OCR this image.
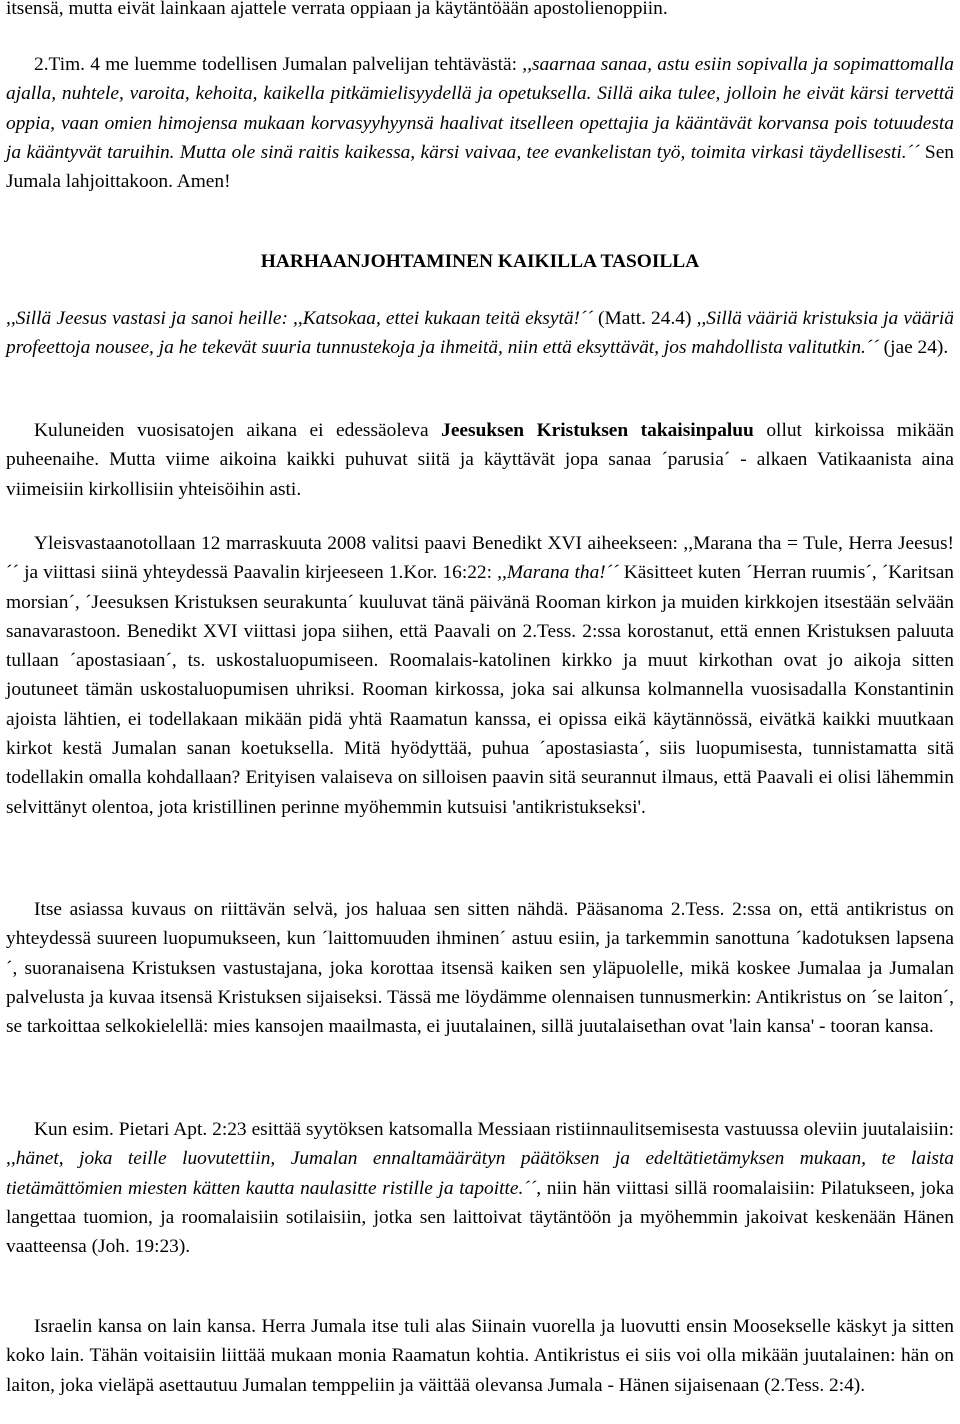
itsensä, mutta eivät lainkaan ajattele verrata oppiaan ja käytäntöään apostolienoppiin.

2.Tim. 4 me luemme todellisen Jumalan palvelijan tehtävästä: ,,saarnaa sanaa, astu esiin sopivalla ja sopimattomalla ajalla, nuhtele, varoita, kehoita, kaikella pitkämielisyydellä ja opetuksella. Sillä aika tulee, jolloin he eivät kärsi tervettä oppia, vaan omien himojensa mukaan korvasyyhyynsä haalivat itselleen opettajia ja kääntävät korvansa pois totuudesta ja kääntyvät taruihin. Mutta ole sinä raitis kaikessa, kärsi vaivaa, tee evankelistan työ, toimita virkasi täydellisesti.´´ Sen Jumala lahjoittakoon. Amen!

HARHAANJOHTAMINEN KAIKILLA TASOILLA

,,Sillä Jeesus vastasi ja sanoi heille: ,,Katsokaa, ettei kukaan teitä eksytä!´´ (Matt. 24.4) ,,Sillä vääriä kristuksia ja vääriä profeettoja nousee, ja he tekevät suuria tunnustekoja ja ihmeitä, niin että eksyttävät, jos mahdollista valitutkin.´´ (jae 24).

Kuluneiden vuosisatojen aikana ei edessäoleva Jeesuksen Kristuksen takaisinpaluu ollut kirkoissa mikään puheenaihe. Mutta viime aikoina kaikki puhuvat siitä ja käyttävät jopa sanaa ´parusia´ - alkaen Vatikaanista aina viimeisiin kirkollisiin yhteisöihin asti.

Yleisvastaanotollaan 12 marraskuuta 2008 valitsi paavi Benedikt XVI aiheekseen: ,,Marana tha = Tule, Herra Jeesus!´´ ja viittasi siinä yhteydessä Paavalin kirjeeseen 1.Kor. 16:22: ,,Marana tha!´´ Käsitteet kuten ´Herran ruumis´, ´Karitsan morsian´, ´Jeesuksen Kristuksen seurakunta´ kuuluvat tänä päivänä Rooman kirkon ja muiden kirkkojen itsestään selvään sanavarastoon. Benedikt XVI viittasi jopa siihen, että Paavali on 2.Tess. 2:ssa korostanut, että ennen Kristuksen paluuta tullaan ´apostasiaan´, ts. uskostaluopumiseen. Roomalais-katolinen kirkko ja muut kirkothan ovat jo aikoja sitten joutuneet tämän uskostaluopumisen uhriksi. Rooman kirkossa, joka sai alkunsa kolmannella vuosisadalla Konstantinin ajoista lähtien, ei todellakaan mikään pidä yhtä Raamatun kanssa, ei opissa eikä käytännössä, eivätkä kaikki muutkaan kirkot kestä Jumalan sanan koetuksella. Mitä hyödyttää, puhua ´apostasiasta´, siis luopumisesta, tunnistamatta sitä todellakin omalla kohdallaan? Erityisen valaiseva on silloisen paavin sitä seurannut ilmaus, että Paavali ei olisi lähemmin selvittänyt olentoa, jota kristillinen perinne myöhemmin kutsuisi 'antikristukseksi'.

Itse asiassa kuvaus on riittävän selvä, jos haluaa sen sitten nähdä. Pääsanoma 2.Tess. 2:ssa on, että antikristus on yhteydessä suureen luopumukseen, kun ´laittomuuden ihminen´ astuu esiin, ja tarkemmin sanottuna ´kadotuksen lapsena´, suoranaisena Kristuksen vastustajana, joka korottaa itsensä kaiken sen yläpuolelle, mikä koskee Jumalaa ja Jumalan palvelusta ja kuvaa itsensä Kristuksen sijaiseksi. Tässä me löydämme olennaisen tunnusmerkin: Antikristus on ´se laiton´, se tarkoittaa selkokielellä: mies kansojen maailmasta, ei juutalainen, sillä juutalaisethan ovat 'lain kansa' - tooran kansa.

Kun esim. Pietari Apt. 2:23 esittää syytöksen katsomalla Messiaan ristiinnaulitsemisesta vastuussa oleviin juutalaisiin: ,,hänet, joka teille luovutettiin, Jumalan ennaltamäärätyn päätöksen ja edeltätietämyksen mukaan, te laista tietämättömien miesten kätten kautta naulasitte ristille ja tapoitte.´´, niin hän viittasi sillä roomalaisiin: Pilatukseen, joka langettaa tuomion, ja roomalaisiin sotilaisiin, jotka sen laittoivat täytäntöön ja myöhemmin jakoivat keskenään Hänen vaatteensa (Joh. 19:23).

Israelin kansa on lain kansa. Herra Jumala itse tuli alas Siinain vuorella ja luovutti ensin Moosekselle käskyt ja sitten koko lain. Tähän voitaisiin liittää mukaan monia Raamatun kohtia. Antikristus ei siis voi olla mikään juutalainen: hän on laiton, joka vieläpä asettautuu Jumalan temppeliin ja väittää olevansa Jumala - Hänen sijaisenaan (2.Tess. 2:4).
